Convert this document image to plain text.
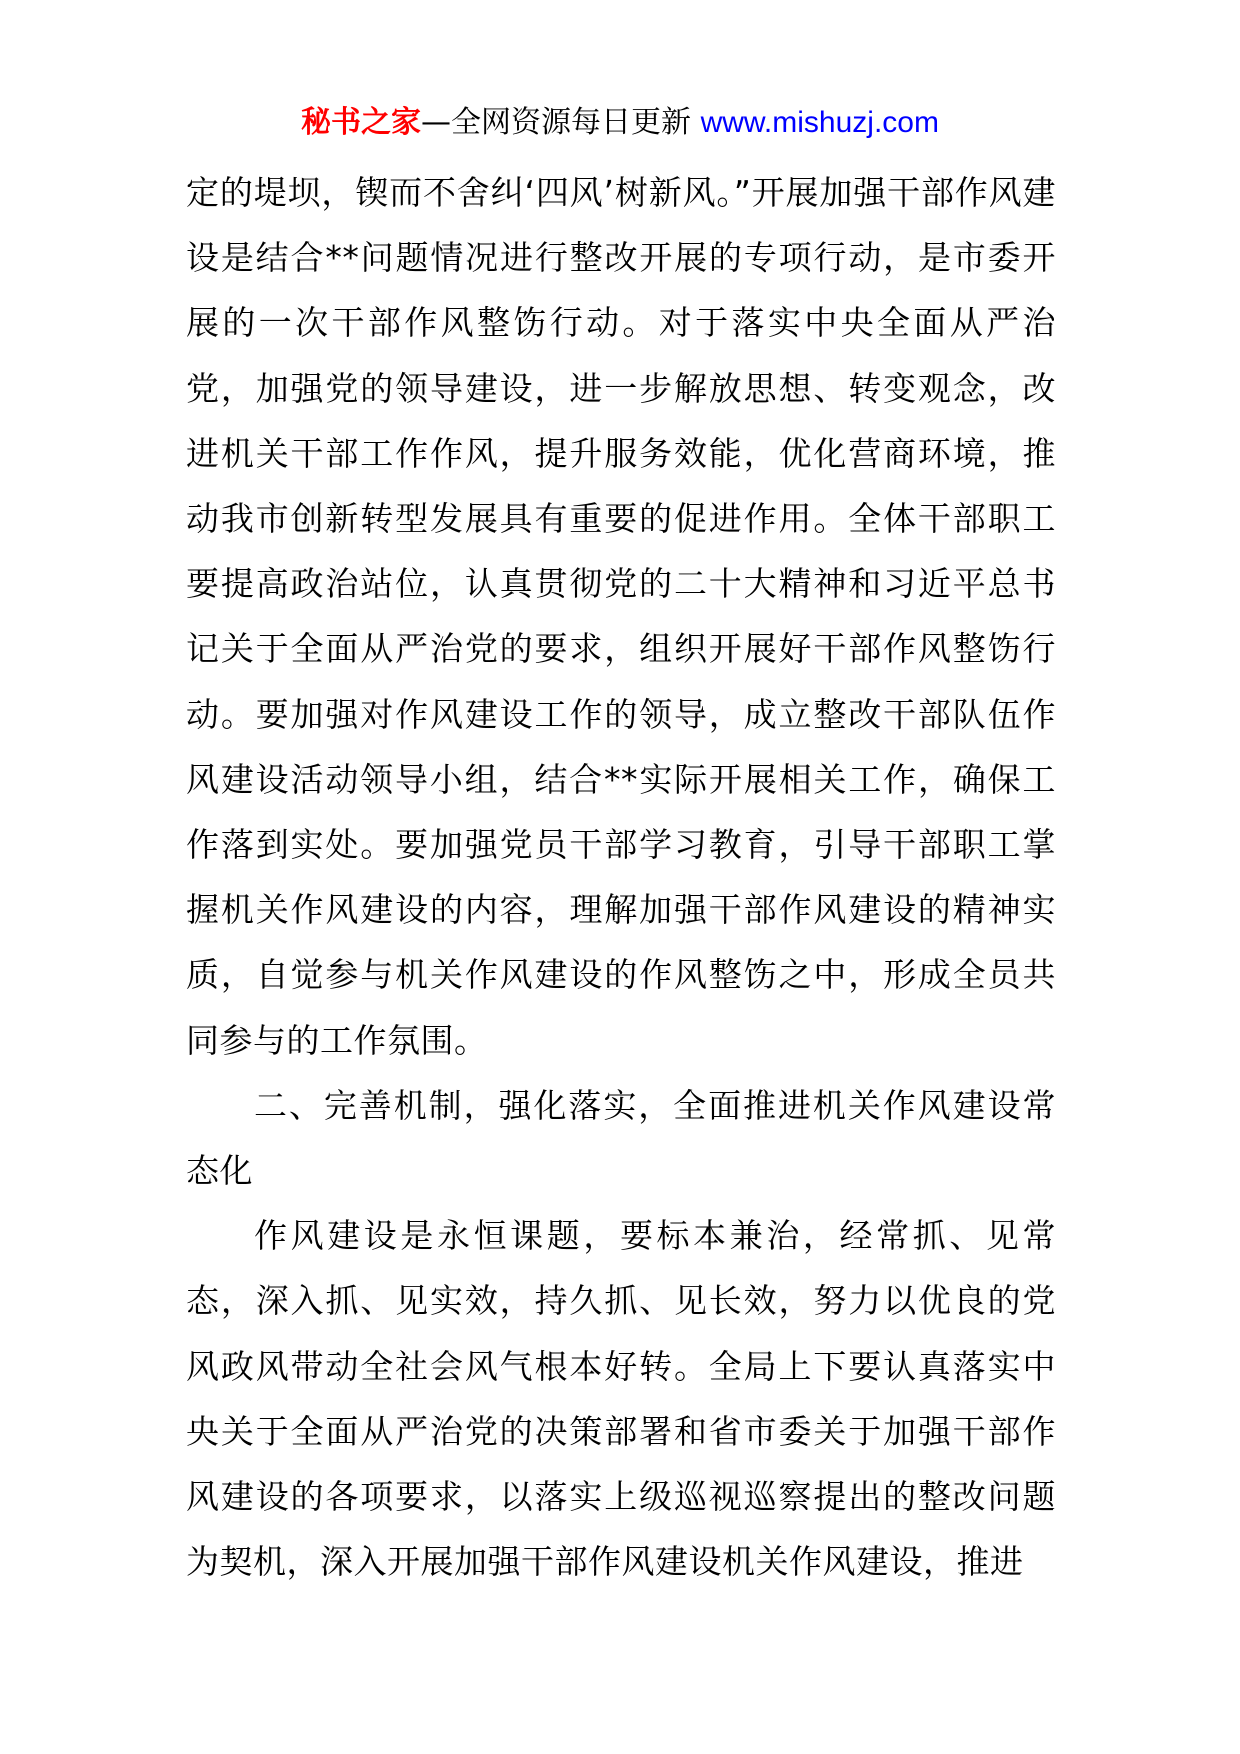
秘书之家—全网资源每日更新 www.mishuzj.com

定的堤坝，锲而不舍纠‘四风’树新风。”开展加强干部作风建设是结合**问题情况进行整改开展的专项行动，是市委开展的一次干部作风整饬行动。对于落实中央全面从严治党，加强党的领导建设，进一步解放思想、转变观念，改进机关干部工作作风，提升服务效能，优化营商环境，推动我市创新转型发展具有重要的促进作用。全体干部职工要提高政治站位，认真贯彻党的二十大精神和习近平总书记关于全面从严治党的要求，组织开展好干部作风整饬行动。要加强对作风建设工作的领导，成立整改干部队伍作风建设活动领导小组，结合**实际开展相关工作，确保工作落到实处。要加强党员干部学习教育，引导干部职工掌握机关作风建设的内容，理解加强干部作风建设的精神实质，自觉参与机关作风建设的作风整饬之中，形成全员共同参与的工作氛围。

二、完善机制，强化落实，全面推进机关作风建设常态化

作风建设是永恒课题，要标本兼治，经常抓、见常态，深入抓、见实效，持久抓、见长效，努力以优良的党风政风带动全社会风气根本好转。全局上下要认真落实中央关于全面从严治党的决策部署和省市委关于加强干部作风建设的各项要求，以落实上级巡视巡察提出的整改问题为契机，深入开展加强干部作风建设机关作风建设，推进
